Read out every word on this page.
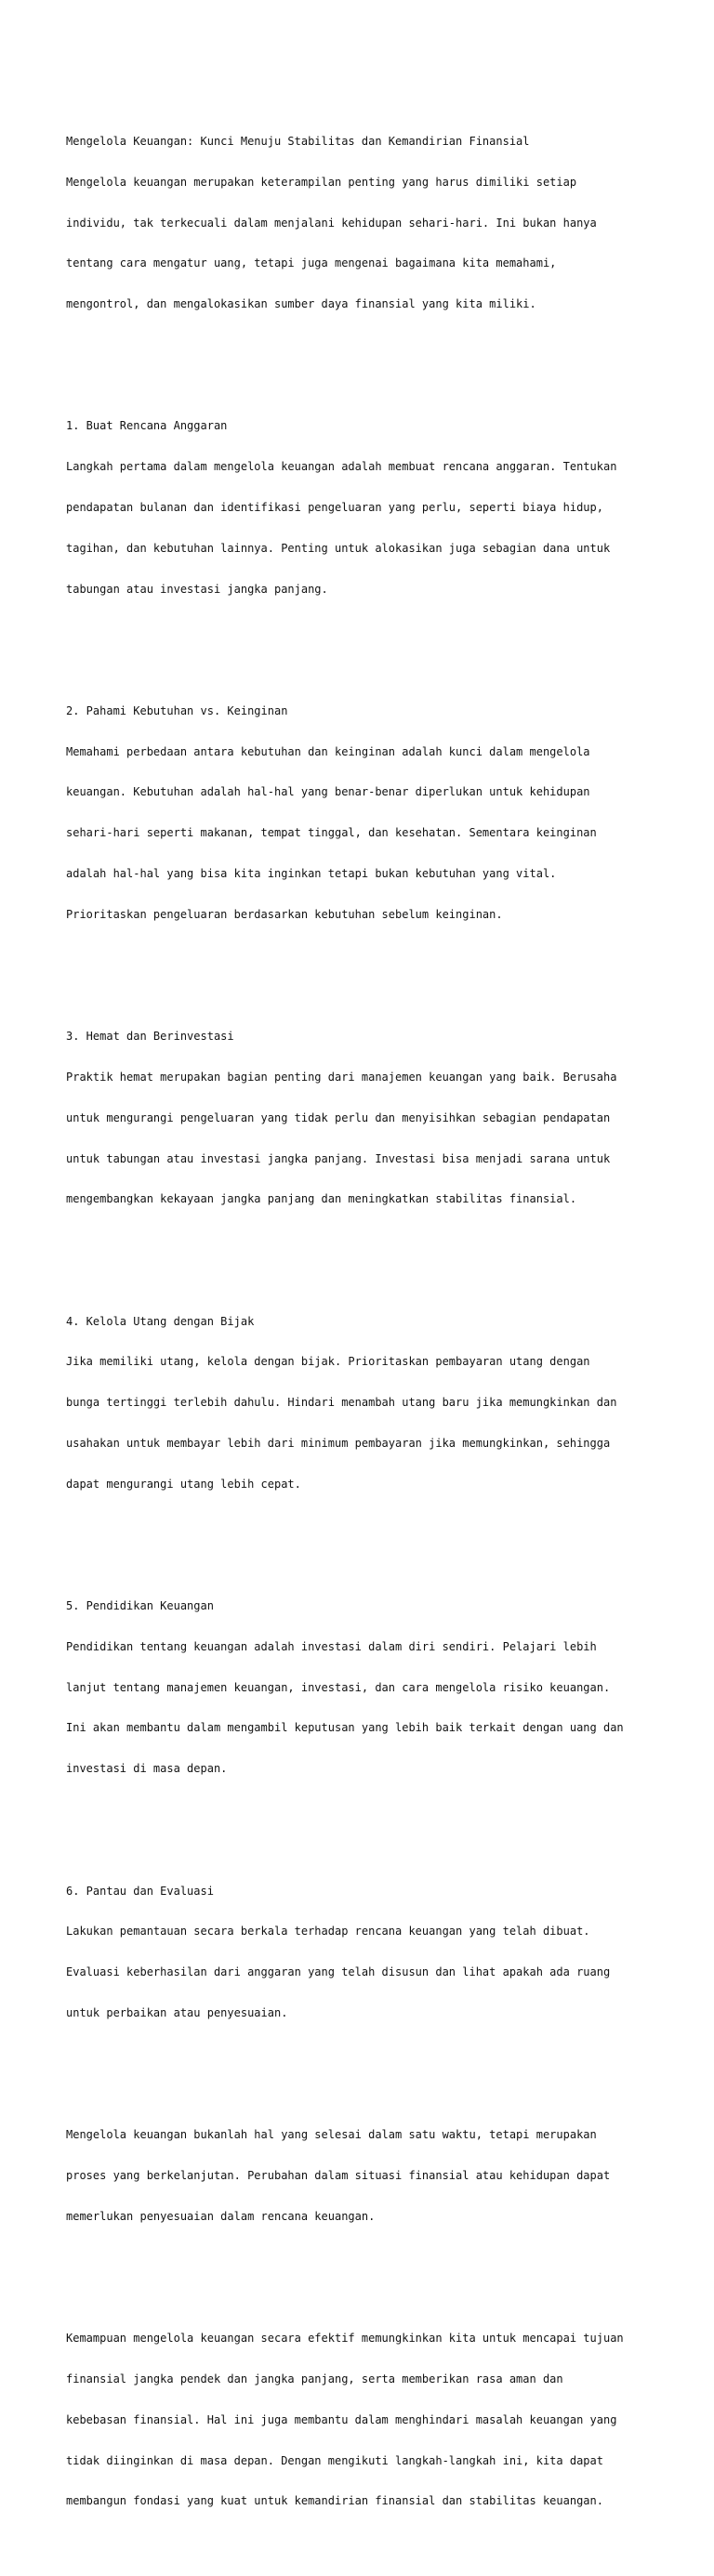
Mengelola Keuangan: Kunci Menuju Stabilitas dan Kemandirian Finansial

Mengelola keuangan merupakan keterampilan penting yang harus dimiliki setiap

individu, tak terkecuali dalam menjalani kehidupan sehari-hari. Ini bukan hanya

tentang cara mengatur uang, tetapi juga mengenai bagaimana kita memahami,

mengontrol, dan mengalokasikan sumber daya finansial yang kita miliki.

1. Buat Rencana Anggaran

Langkah pertama dalam mengelola keuangan adalah membuat rencana anggaran. Tentukan

pendapatan bulanan dan identifikasi pengeluaran yang perlu, seperti biaya hidup,

tagihan, dan kebutuhan lainnya. Penting untuk alokasikan juga sebagian dana untuk

tabungan atau investasi jangka panjang.

2. Pahami Kebutuhan vs. Keinginan

Memahami perbedaan antara kebutuhan dan keinginan adalah kunci dalam mengelola

keuangan. Kebutuhan adalah hal-hal yang benar-benar diperlukan untuk kehidupan

sehari-hari seperti makanan, tempat tinggal, dan kesehatan. Sementara keinginan

adalah hal-hal yang bisa kita inginkan tetapi bukan kebutuhan yang vital.

Prioritaskan pengeluaran berdasarkan kebutuhan sebelum keinginan.

3. Hemat dan Berinvestasi

Praktik hemat merupakan bagian penting dari manajemen keuangan yang baik. Berusaha

untuk mengurangi pengeluaran yang tidak perlu dan menyisihkan sebagian pendapatan

untuk tabungan atau investasi jangka panjang. Investasi bisa menjadi sarana untuk

mengembangkan kekayaan jangka panjang dan meningkatkan stabilitas finansial.

4. Kelola Utang dengan Bijak

Jika memiliki utang, kelola dengan bijak. Prioritaskan pembayaran utang dengan

bunga tertinggi terlebih dahulu. Hindari menambah utang baru jika memungkinkan dan

usahakan untuk membayar lebih dari minimum pembayaran jika memungkinkan, sehingga

dapat mengurangi utang lebih cepat.

5. Pendidikan Keuangan

Pendidikan tentang keuangan adalah investasi dalam diri sendiri. Pelajari lebih

lanjut tentang manajemen keuangan, investasi, dan cara mengelola risiko keuangan.

Ini akan membantu dalam mengambil keputusan yang lebih baik terkait dengan uang dan

investasi di masa depan.

6. Pantau dan Evaluasi

Lakukan pemantauan secara berkala terhadap rencana keuangan yang telah dibuat.

Evaluasi keberhasilan dari anggaran yang telah disusun dan lihat apakah ada ruang

untuk perbaikan atau penyesuaian.

Mengelola keuangan bukanlah hal yang selesai dalam satu waktu, tetapi merupakan

proses yang berkelanjutan. Perubahan dalam situasi finansial atau kehidupan dapat

memerlukan penyesuaian dalam rencana keuangan.

Kemampuan mengelola keuangan secara efektif memungkinkan kita untuk mencapai tujuan

finansial jangka pendek dan jangka panjang, serta memberikan rasa aman dan

kebebasan finansial. Hal ini juga membantu dalam menghindari masalah keuangan yang

tidak diinginkan di masa depan. Dengan mengikuti langkah-langkah ini, kita dapat

membangun fondasi yang kuat untuk kemandirian finansial dan stabilitas keuangan.
